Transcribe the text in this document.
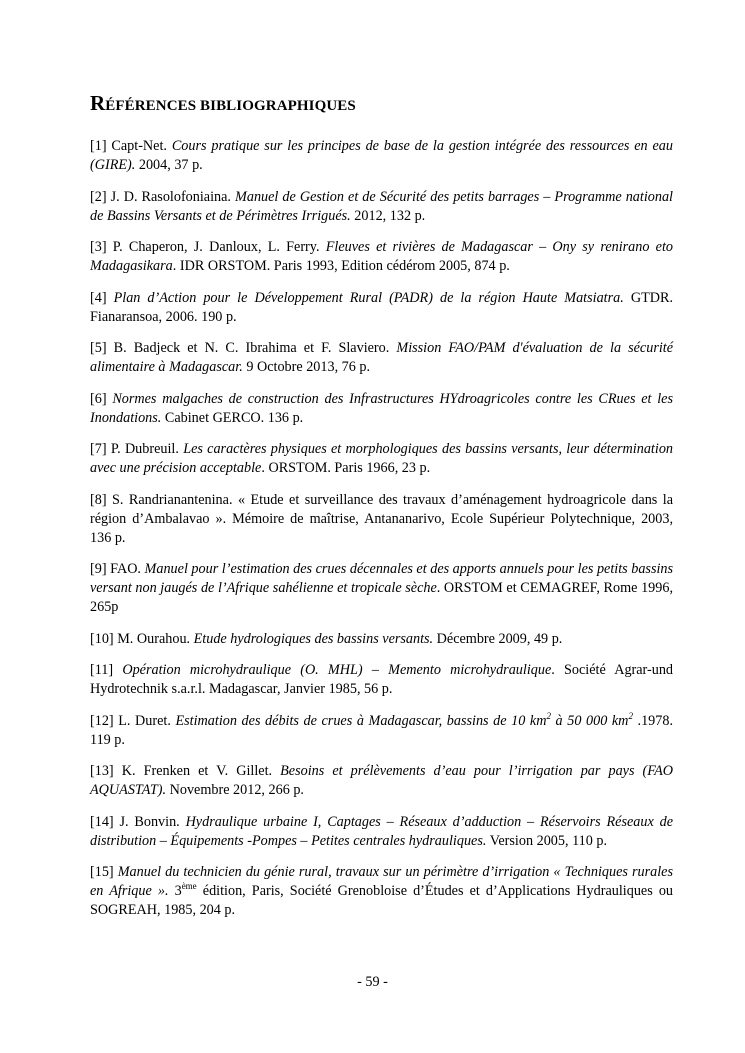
RÉFÉRENCES BIBLIOGRAPHIQUES

[1] Capt-Net. Cours pratique sur les principes de base de la gestion intégrée des ressources en eau (GIRE). 2004, 37 p.

[2] J. D. Rasolofoniaina. Manuel de Gestion et de Sécurité des petits barrages – Programme national de Bassins Versants et de Périmètres Irrigués. 2012, 132 p.

[3] P. Chaperon, J. Danloux, L. Ferry. Fleuves et rivières de Madagascar – Ony sy renirano eto Madagasikara. IDR ORSTOM. Paris 1993, Edition cédérom 2005, 874 p.

[4] Plan d’Action pour le Développement Rural (PADR) de la région Haute Matsiatra. GTDR. Fianaransoa, 2006. 190 p.

[5] B. Badjeck et N. C. Ibrahima et F. Slaviero. Mission FAO/PAM d'évaluation de la sécurité alimentaire à Madagascar. 9 Octobre 2013, 76 p.

[6] Normes malgaches de construction des Infrastructures HYdroagricoles contre les CRues et les Inondations. Cabinet GERCO. 136 p.

[7] P. Dubreuil. Les caractères physiques et morphologiques des bassins versants, leur détermination avec une précision acceptable. ORSTOM. Paris 1966, 23 p.

[8] S. Randrianantenina. « Etude et surveillance des travaux d’aménagement hydroagricole dans la région d’Ambalavao ». Mémoire de maîtrise, Antananarivo, Ecole Supérieur Polytechnique, 2003, 136 p.

[9] FAO. Manuel pour l’estimation des crues décennales et des apports annuels pour les petits bassins versant non jaugés de l’Afrique sahélienne et tropicale sèche. ORSTOM et CEMAGREF, Rome 1996, 265p

[10] M. Ourahou. Etude hydrologiques des bassins versants. Décembre 2009, 49 p.

[11] Opération microhydraulique (O. MHL) – Memento microhydraulique. Société Agrar-und Hydrotechnik s.a.r.l. Madagascar, Janvier 1985, 56 p.

[12] L. Duret. Estimation des débits de crues à Madagascar, bassins de 10 $km^2$ à 50 000 $km^2$ .1978. 119 p.

[13] K. Frenken et V. Gillet. Besoins et prélèvements d’eau pour l’irrigation par pays (FAO AQUASTAT). Novembre 2012, 266 p.

[14] J. Bonvin. Hydraulique urbaine I, Captages – Réseaux d’adduction – Réservoirs Réseaux de distribution – Équipements -Pompes – Petites centrales hydrauliques. Version 2005, 110 p.

[15] Manuel du technicien du génie rural, travaux sur un périmètre d’irrigation « Techniques rurales en Afrique ». 3ème édition, Paris, Société Grenobloise d’Études et d’Applications Hydrauliques ou SOGREAH, 1985, 204 p.

- 59 -
